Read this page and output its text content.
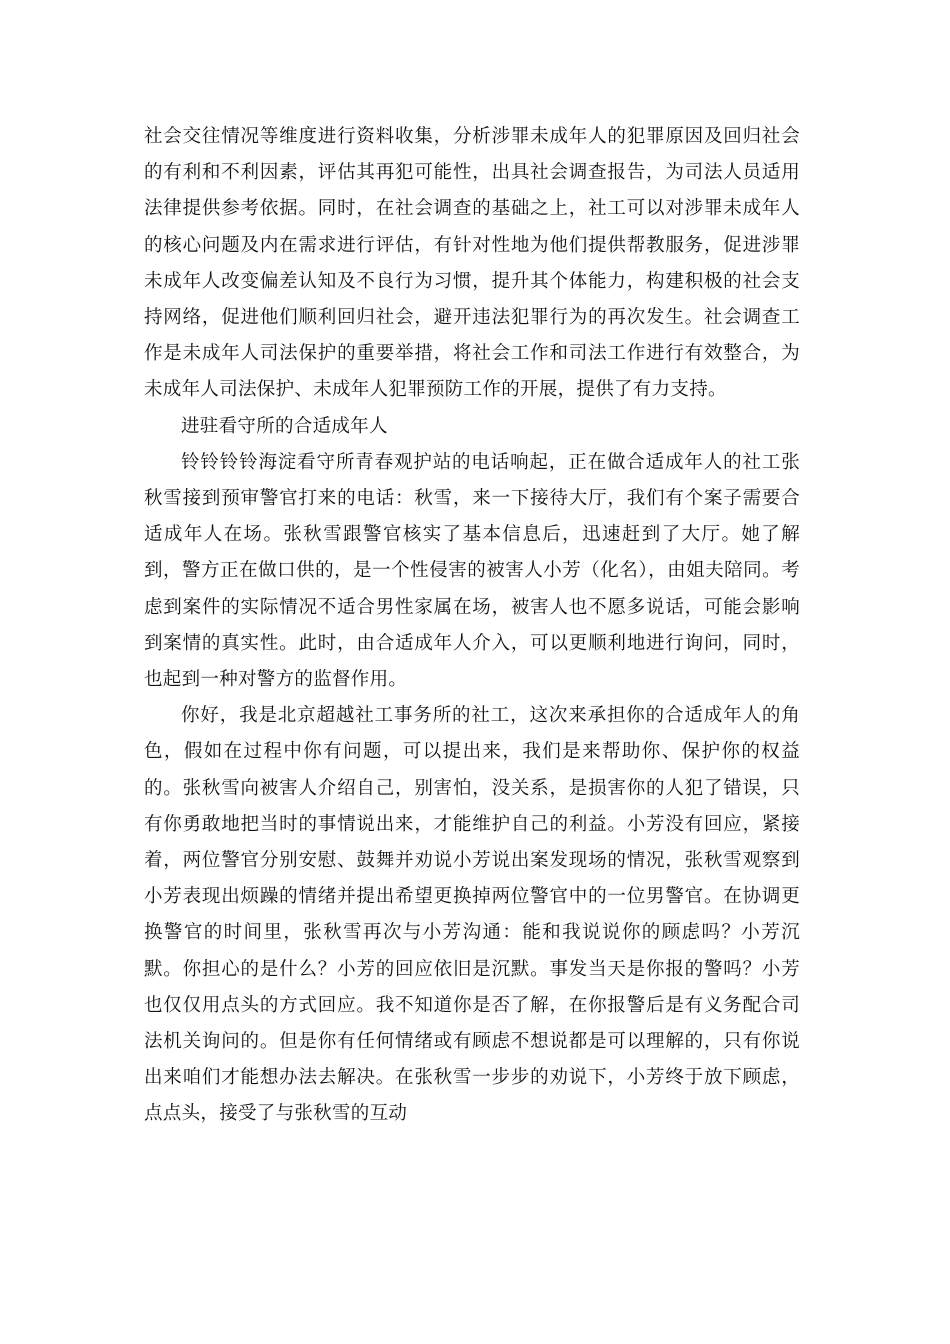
社会交往情况等维度进行资料收集，分析涉罪未成年人的犯罪原因及回归社会的有利和不利因素，评估其再犯可能性，出具社会调查报告，为司法人员适用法律提供参考依据。同时，在社会调查的基础之上，社工可以对涉罪未成年人的核心问题及内在需求进行评估，有针对性地为他们提供帮教服务，促进涉罪未成年人改变偏差认知及不良行为习惯，提升其个体能力，构建积极的社会支持网络，促进他们顺利回归社会，避开违法犯罪行为的再次发生。社会调查工作是未成年人司法保护的重要举措，将社会工作和司法工作进行有效整合，为未成年人司法保护、未成年人犯罪预防工作的开展，提供了有力支持。

进驻看守所的合适成年人

铃铃铃铃海淀看守所青春观护站的电话响起，正在做合适成年人的社工张秋雪接到预审警官打来的电话：秋雪，来一下接待大厅，我们有个案子需要合适成年人在场。张秋雪跟警官核实了基本信息后，迅速赶到了大厅。她了解到，警方正在做口供的，是一个性侵害的被害人小芳（化名），由姐夫陪同。考虑到案件的实际情况不适合男性家属在场，被害人也不愿多说话，可能会影响到案情的真实性。此时，由合适成年人介入，可以更顺利地进行询问，同时，也起到一种对警方的监督作用。

你好，我是北京超越社工事务所的社工，这次来承担你的合适成年人的角色，假如在过程中你有问题，可以提出来，我们是来帮助你、保护你的权益的。张秋雪向被害人介绍自己，别害怕，没关系，是损害你的人犯了错误，只有你勇敢地把当时的事情说出来，才能维护自己的利益。小芳没有回应，紧接着，两位警官分别安慰、鼓舞并劝说小芳说出案发现场的情况，张秋雪观察到小芳表现出烦躁的情绪并提出希望更换掉两位警官中的一位男警官。在协调更换警官的时间里，张秋雪再次与小芳沟通：能和我说说你的顾虑吗？小芳沉默。你担心的是什么？小芳的回应依旧是沉默。事发当天是你报的警吗？小芳也仅仅用点头的方式回应。我不知道你是否了解，在你报警后是有义务配合司法机关询问的。但是你有任何情绪或有顾虑不想说都是可以理解的，只有你说出来咱们才能想办法去解决。在张秋雪一步步的劝说下，小芳终于放下顾虑，点点头，接受了与张秋雪的互动
